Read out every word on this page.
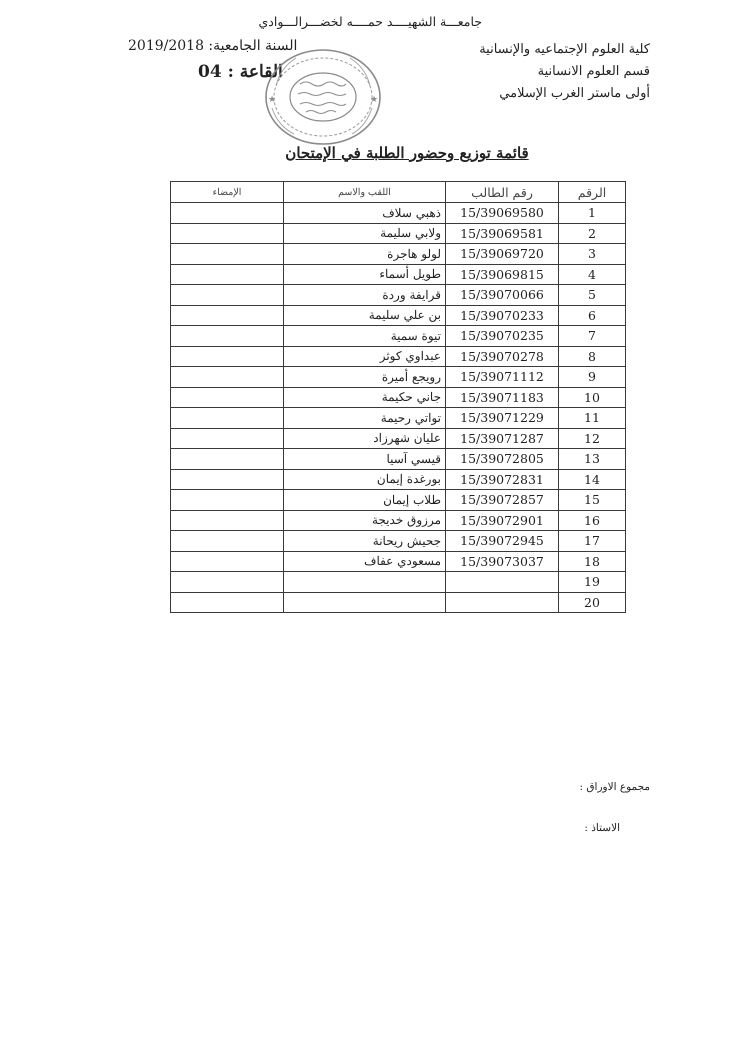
جامعـــة الشهيــــد حمــــه لخضـــرالـــوادي
كلية العلوم الإجتماعيه والإنسانية
قسم العلوم الانسانية
أولى ماستر الغرب الإسلامي
السنة الجامعية: 2019/2018
القاعة : 04
★	★
قائمة توزيع وحضور الطلبة في الإمتحان
الإمضاء	اللقب والاسم	رقم الطالب	الرقم
	ذهبي سلاف	15/39069580	1
	ولابي سليمة	15/39069581	2
	لولو هاجرة	15/39069720	3
	طويل أسماء	15/39069815	4
	قرايفة وردة	15/39070066	5
	بن علي سليمة	15/39070233	6
	تيوة سمية	15/39070235	7
	عبداوي كوثر	15/39070278	8
	رويجع أميرة	15/39071112	9
	جاني حكيمة	15/39071183	10
	تواتي رحيمة	15/39071229	11
	عليان شهرزاد	15/39071287	12
	قيسي آسيا	15/39072805	13
	بورغدة إيمان	15/39072831	14
	طلاب إيمان	15/39072857	15
	مرزوق خديجة	15/39072901	16
	جحيش ريحانة	15/39072945	17
	مسعودي عفاف	15/39073037	18
			19
			20
مجموع الاوراق :
الاستاذ :
